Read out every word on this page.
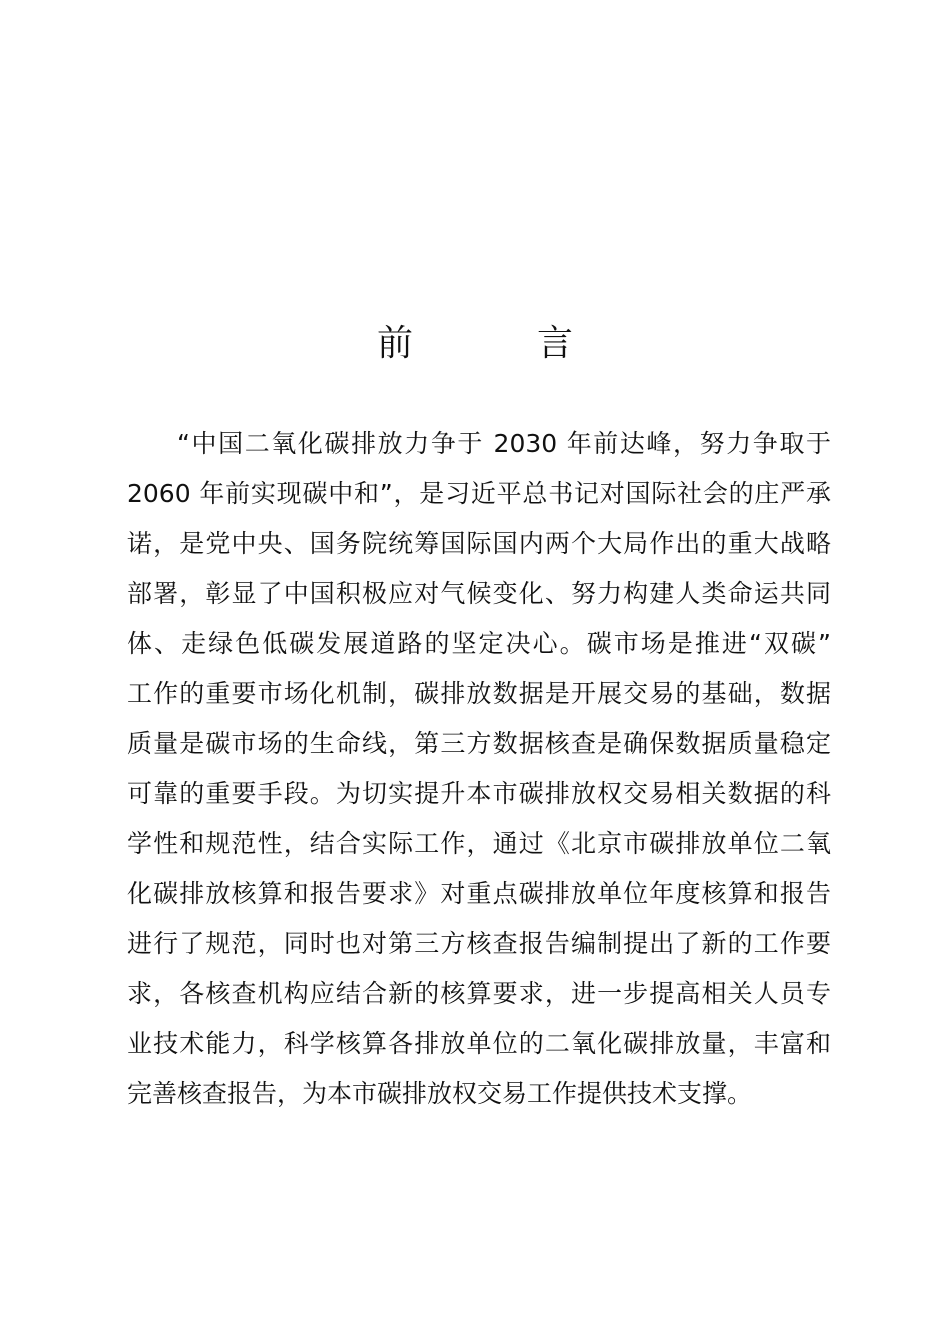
前　言
“中国二氧化碳排放力争于 2030 年前达峰，努力争取于
2060 年前实现碳中和”，是习近平总书记对国际社会的庄严承
诺，是党中央、国务院统筹国际国内两个大局作出的重大战略
部署，彰显了中国积极应对气候变化、努力构建人类命运共同
体、走绿色低碳发展道路的坚定决心。碳市场是推进“双碳”
工作的重要市场化机制，碳排放数据是开展交易的基础，数据
质量是碳市场的生命线，第三方数据核查是确保数据质量稳定
可靠的重要手段。为切实提升本市碳排放权交易相关数据的科
学性和规范性，结合实际工作，通过《北京市碳排放单位二氧
化碳排放核算和报告要求》对重点碳排放单位年度核算和报告
进行了规范，同时也对第三方核查报告编制提出了新的工作要
求，各核查机构应结合新的核算要求，进一步提高相关人员专
业技术能力，科学核算各排放单位的二氧化碳排放量，丰富和
完善核查报告，为本市碳排放权交易工作提供技术支撑。
